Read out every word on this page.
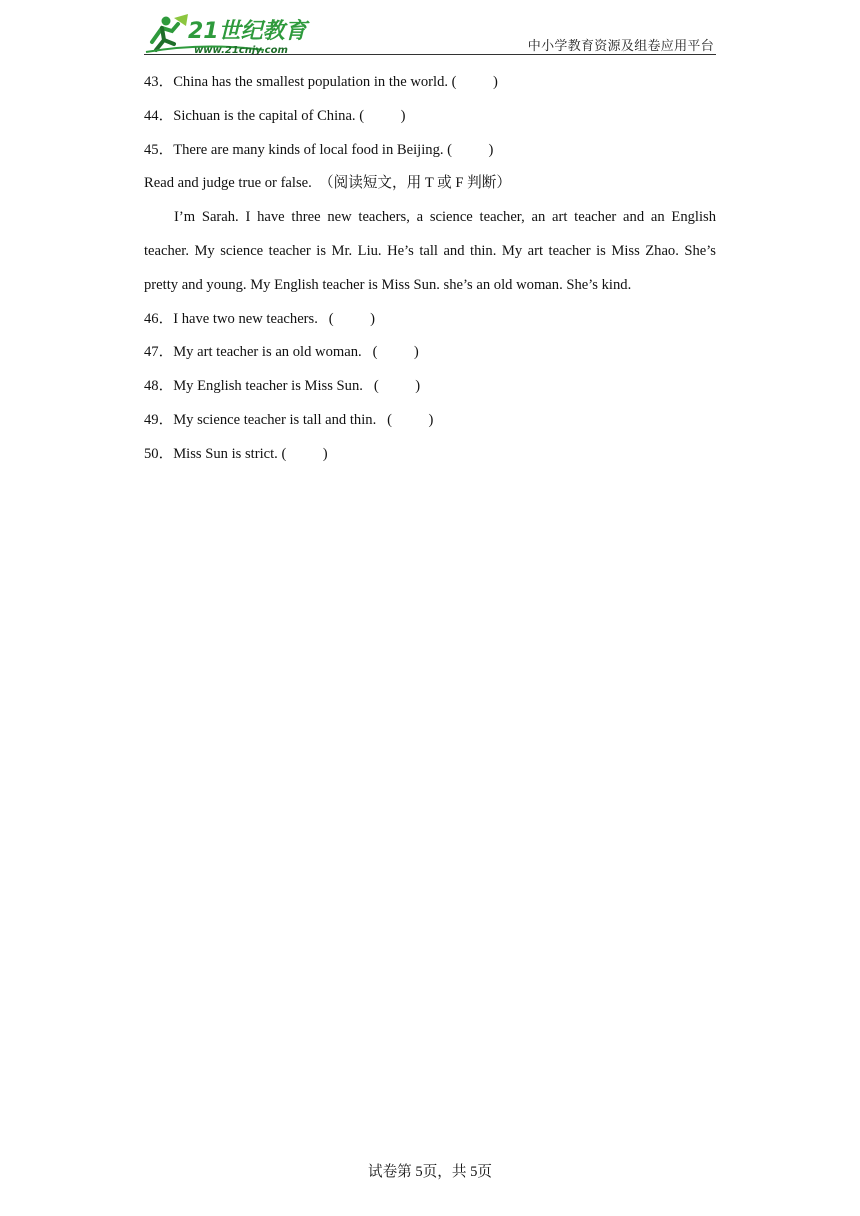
21世纪教育
www.21cnjy.com	中小学教育资源及组卷应用平台
43．China has the smallest population in the world. (          )
44．Sichuan is the capital of China. (          )
45．There are many kinds of local food in Beijing. (          )
Read and judge true or false.  （阅读短文，用 T 或 F 判断）
I’m Sarah. I have three new teachers, a science teacher, an art teacher and an English teacher. My science teacher is Mr. Liu. He’s tall and thin. My art teacher is Miss Zhao. She’s pretty and young. My English teacher is Miss Sun. she’s an old woman. She’s kind.
46．I have two new teachers.   (          )
47．My art teacher is an old woman.   (          )
48．My English teacher is Miss Sun.   (          )
49．My science teacher is tall and thin.   (          )
50．Miss Sun is strict. (          )
试卷第 5页，共 5页
